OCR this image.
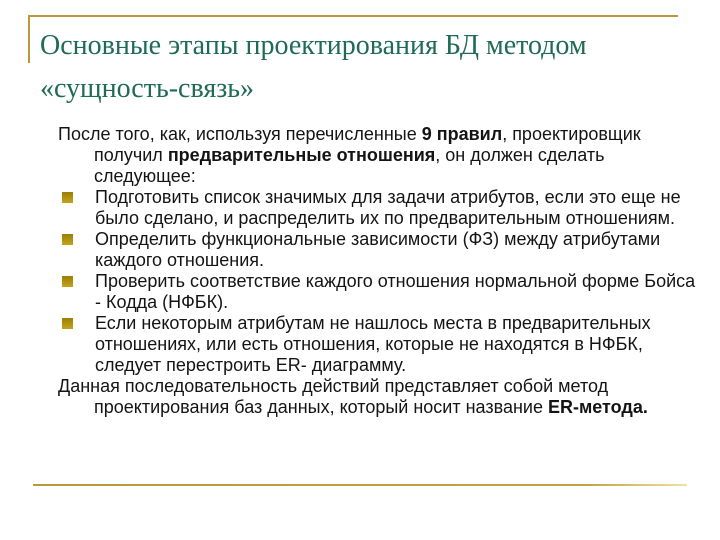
Основные этапы проектирования БД методом «сущность-связь»
После того, как, используя перечисленные 9 правил, проектировщик получил предварительные отношения, он должен сделать следующее:
Подготовить список значимых для задачи атрибутов, если это еще не было сделано, и распределить их по предварительным отношениям.
Определить функциональные зависимости (ФЗ) между атрибутами каждого отношения.
Проверить соответствие каждого отношения нормальной форме Бойса - Кодда (НФБК).
Если некоторым атрибутам не нашлось места в предварительных отношениях, или есть отношения, которые не находятся в НФБК, следует перестроить ER- диаграмму.
Данная последовательность действий представляет собой метод проектирования баз данных, который носит название ER-метода.
